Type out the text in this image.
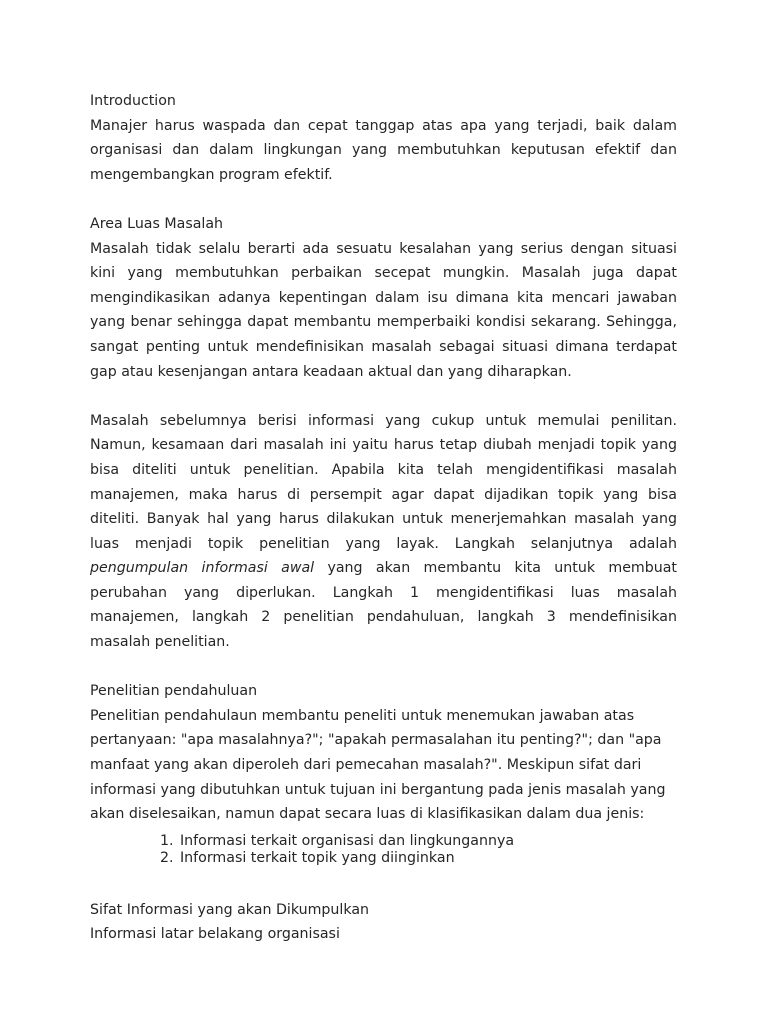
Introduction

Manajer harus waspada dan cepat tanggap atas apa yang terjadi, baik dalam organisasi dan dalam lingkungan yang membutuhkan keputusan efektif dan mengembangkan program efektif.

Area Luas Masalah

Masalah tidak selalu berarti ada sesuatu kesalahan yang serius dengan situasi kini yang membutuhkan perbaikan secepat mungkin. Masalah juga dapat mengindikasikan adanya kepentingan dalam isu dimana kita mencari jawaban yang benar sehingga dapat membantu memperbaiki kondisi sekarang. Sehingga, sangat penting untuk mendefinisikan masalah sebagai situasi dimana terdapat gap atau kesenjangan antara keadaan aktual dan yang diharapkan.

Masalah sebelumnya berisi informasi yang cukup untuk memulai penilitan. Namun, kesamaan dari masalah ini yaitu harus tetap diubah menjadi topik yang bisa diteliti untuk penelitian. Apabila kita telah mengidentifikasi masalah manajemen, maka harus di persempit agar dapat dijadikan topik yang bisa diteliti. Banyak hal yang harus dilakukan untuk menerjemahkan masalah yang luas menjadi topik penelitian yang layak. Langkah selanjutnya adalah pengumpulan informasi awal yang akan membantu kita untuk membuat perubahan yang diperlukan. Langkah 1 mengidentifikasi luas masalah manajemen, langkah 2 penelitian pendahuluan, langkah 3 mendefinisikan masalah penelitian.

Penelitian pendahuluan

Penelitian pendahulaun membantu peneliti untuk menemukan jawaban atas pertanyaan: "apa masalahnya?"; "apakah permasalahan itu penting?"; dan "apa manfaat yang akan diperoleh dari pemecahan masalah?". Meskipun sifat dari informasi yang dibutuhkan untuk tujuan ini bergantung pada jenis masalah yang akan diselesaikan, namun dapat secara luas di klasifikasikan dalam dua jenis:

1. Informasi terkait organisasi dan lingkungannya
2. Informasi terkait topik yang diinginkan

Sifat Informasi yang akan Dikumpulkan

Informasi latar belakang organisasi
